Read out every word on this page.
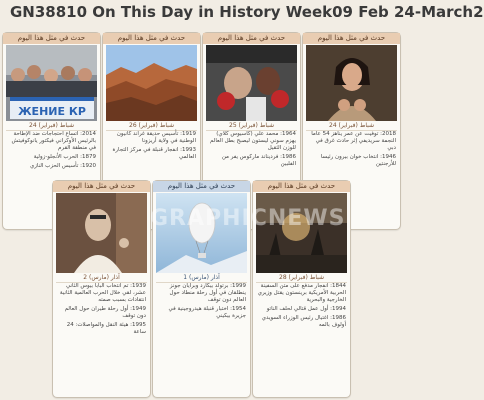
GN38810 On This Day in History Week09 Feb 24-March2
حدث في مثل هذا اليوم
ЖЕНИЕ КР
24 شباط (فبراير)

2014: اتساع احتجاجات ضد الإطاحة بالرئيس الأوكراني فيكتور يانوكوفيتش في منطقة القرم

1879: الحرب الأنجلو-زولية

1920: تأسيس الحزب النازي

حدث في مثل هذا اليوم
26 شباط (فبراير)

1919: تأسيس حديقة غراند كانيون الوطنية في ولاية أريزونا

1993: انفجار قنبلة في مركز التجارة العالمي

حدث في مثل هذا اليوم
25 شباط (فبراير)

1964: محمد علي (كاسيوس كلاي) يهزم سوني ليستون ليصبح بطل العالم للوزن الثقيل

1986: فرديناند ماركوس يفر من الفلبين

حدث في مثل هذا اليوم
24 شباط (فبراير)

2018: توفيت عن عمر يناهز 54 عاما النجمة سريديفي إثر حادث غرق في دبي

1946: انتخاب خوان بيرون رئيسا للأرجنتين

حدث في مثل هذا اليوم
2 آذار (مارس)

1939: تم انتخاب البابا بيوس الثاني عشر، لقي خلال الحرب العالمية الثانية انتقادات بسبب صمته

1949: أول رحلة طيران حول العالم دون توقف

1995: هيئة النقل والمواصلات: 24 ساعة

حدث في مثل هذا اليوم
1 آذار (مارس)

1999: برتولد بيكارد وبرايان جونز ينطلقان في أول رحلة منطاد حول العالم دون توقف

1954: اختبار قنبلة هيدروجينية في جزيرة بيكيني

حدث في مثل هذا اليوم
28 شباط (فبراير)

1844: انفجار مدفع على متن السفينة الحربية الأمريكية برينستون يقتل وزيري الخارجية والبحرية

1994: أول عمل قتالي لحلف الناتو

1986: اغتيال رئيس الوزراء السويدي أولوف بالمه

GRAPHICNEWS
